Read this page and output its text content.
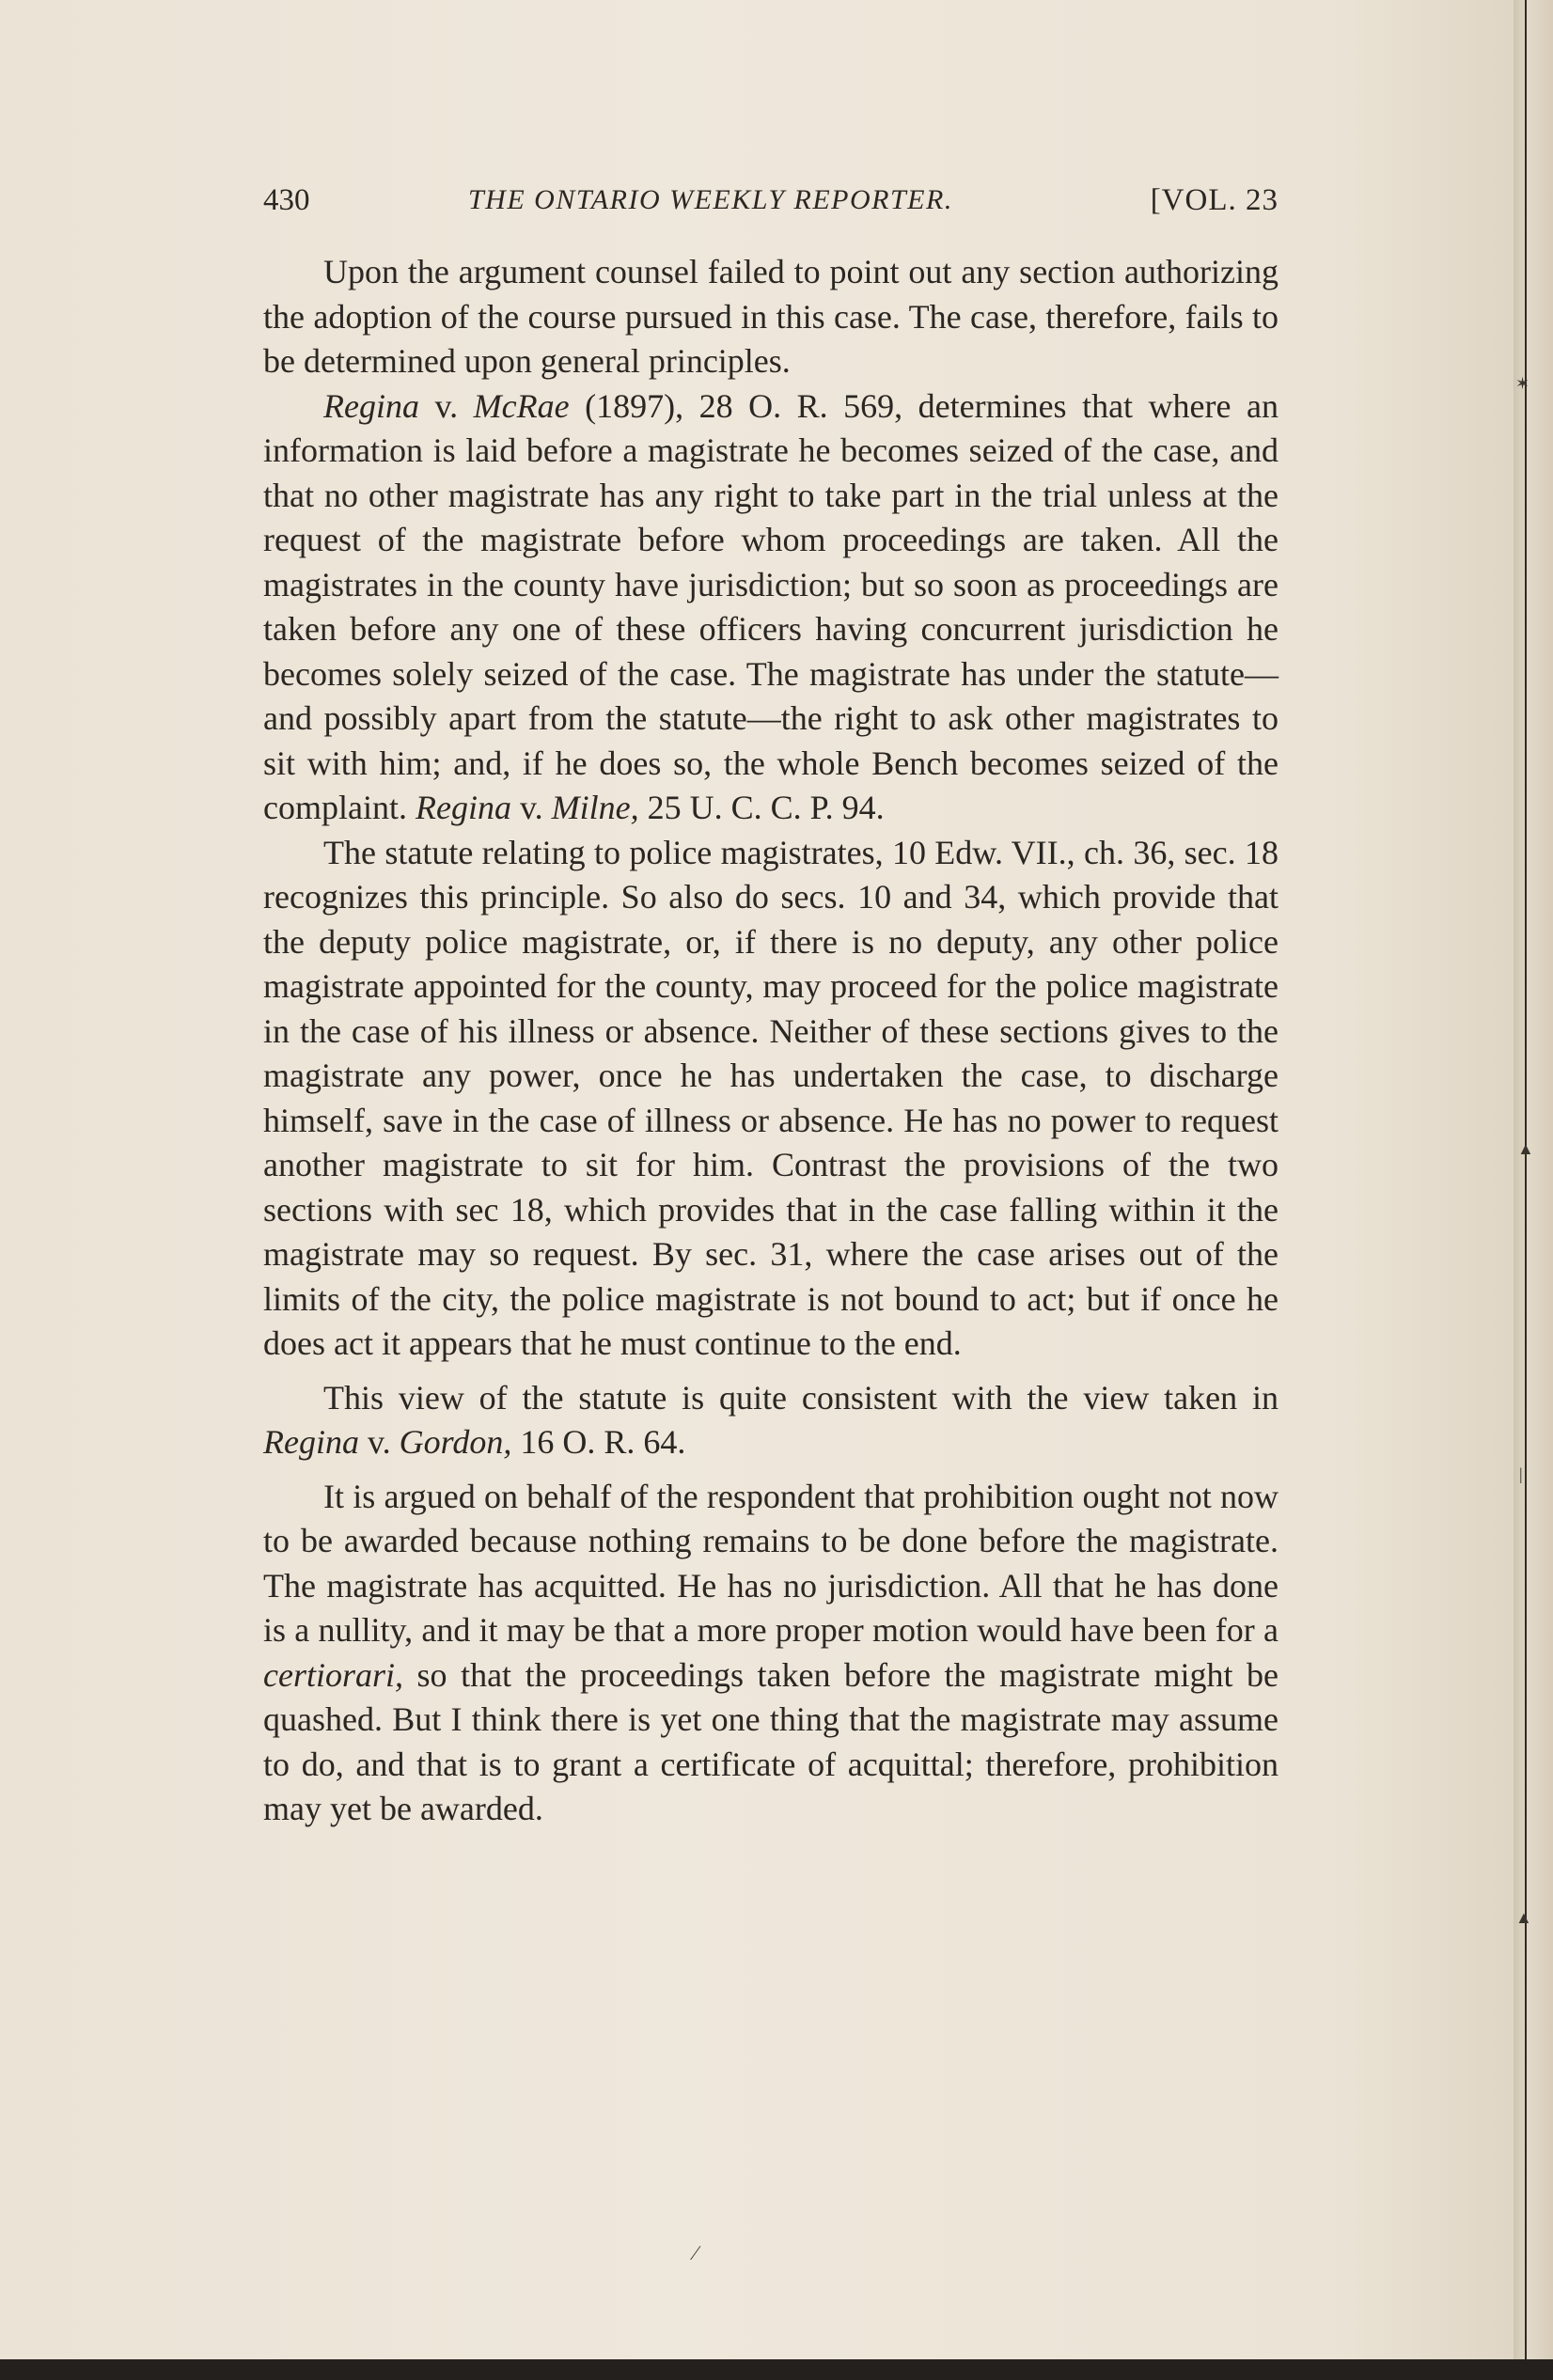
430	THE ONTARIO WEEKLY REPORTER.	[VOL. 23

Upon the argument counsel failed to point out any section authorizing the adoption of the course pursued in this case. The case, therefore, fails to be determined upon general principles.

Regina v. McRae (1897), 28 O. R. 569, determines that where an information is laid before a magistrate he becomes seized of the case, and that no other magistrate has any right to take part in the trial unless at the request of the magistrate before whom proceedings are taken. All the magistrates in the county have jurisdiction; but so soon as proceedings are taken before any one of these officers having concurrent jurisdiction he becomes solely seized of the case. The magistrate has under the statute—and possibly apart from the statute—the right to ask other magistrates to sit with him; and, if he does so, the whole Bench becomes seized of the complaint. Regina v. Milne, 25 U. C. C. P. 94.

The statute relating to police magistrates, 10 Edw. VII., ch. 36, sec. 18 recognizes this principle. So also do secs. 10 and 34, which provide that the deputy police magistrate, or, if there is no deputy, any other police magistrate appointed for the county, may proceed for the police magistrate in the case of his illness or absence. Neither of these sections gives to the magistrate any power, once he has undertaken the case, to discharge himself, save in the case of illness or absence. He has no power to request another magistrate to sit for him. Contrast the provisions of the two sections with sec 18, which provides that in the case falling within it the magistrate may so request. By sec. 31, where the case arises out of the limits of the city, the police magistrate is not bound to act; but if once he does act it appears that he must continue to the end.

This view of the statute is quite consistent with the view taken in Regina v. Gordon, 16 O. R. 64.

It is argued on behalf of the respondent that prohibition ought not now to be awarded because nothing remains to be done before the magistrate. The magistrate has acquitted. He has no jurisdiction. All that he has done is a nullity, and it may be that a more proper motion would have been for a certiorari, so that the proceedings taken before the magistrate might be quashed. But I think there is yet one thing that the magistrate may assume to do, and that is to grant a certificate of acquittal; therefore, prohibition may yet be awarded.

✶
▲
|
▲
⁄
